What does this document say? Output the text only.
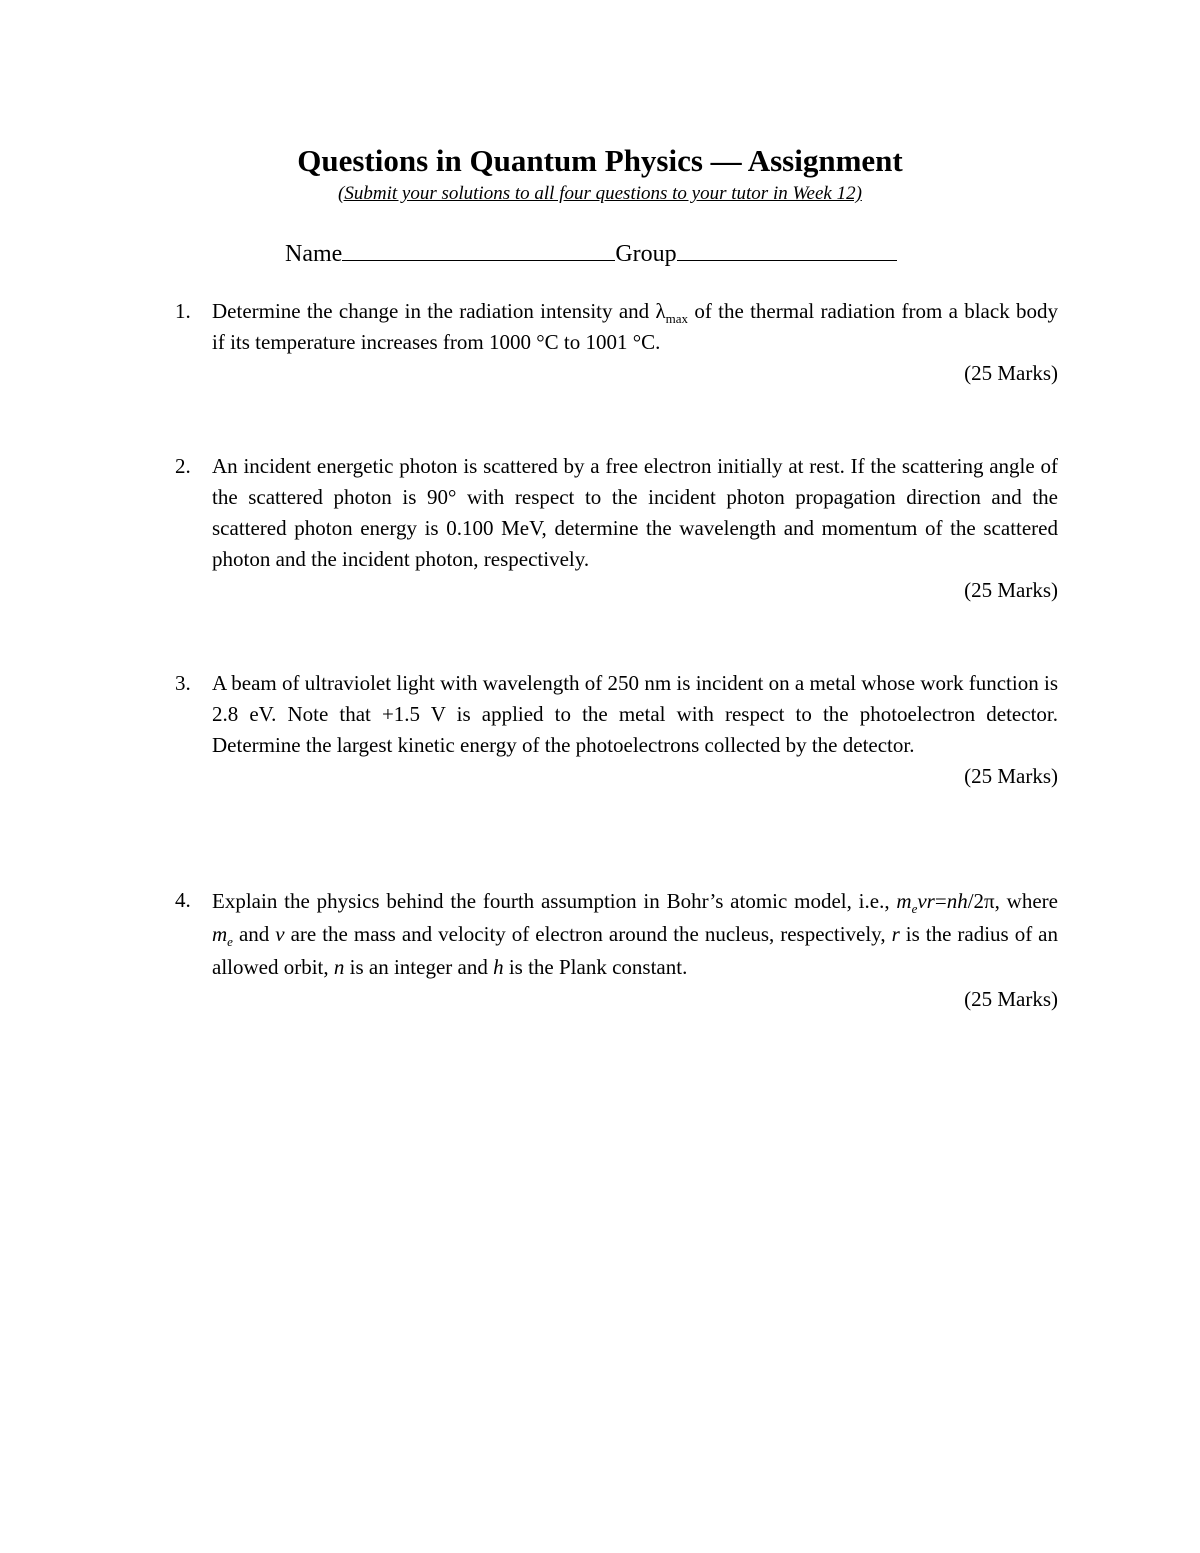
Questions in Quantum Physics — Assignment
(Submit your solutions to all four questions to your tutor in Week 12)
Name	Group
1. Determine the change in the radiation intensity and $\lambda_{max}$ of the thermal radiation from a black body if its temperature increases from 1000 °C to 1001 °C.
(25 Marks)
2. An incident energetic photon is scattered by a free electron initially at rest. If the scattering angle of the scattered photon is 90° with respect to the incident photon propagation direction and the scattered photon energy is 0.100 MeV, determine the wavelength and momentum of the scattered photon and the incident photon, respectively.
(25 Marks)
3. A beam of ultraviolet light with wavelength of 250 nm is incident on a metal whose work function is 2.8 eV. Note that +1.5 V is applied to the metal with respect to the photoelectron detector. Determine the largest kinetic energy of the photoelectrons collected by the detector.
(25 Marks)
4. Explain the physics behind the fourth assumption in Bohr’s atomic model, i.e., $m_evr=nh/2\pi$, where $m_e$ and v are the mass and velocity of electron around the nucleus, respectively, r is the radius of an allowed orbit, n is an integer and h is the Plank constant.
(25 Marks)
